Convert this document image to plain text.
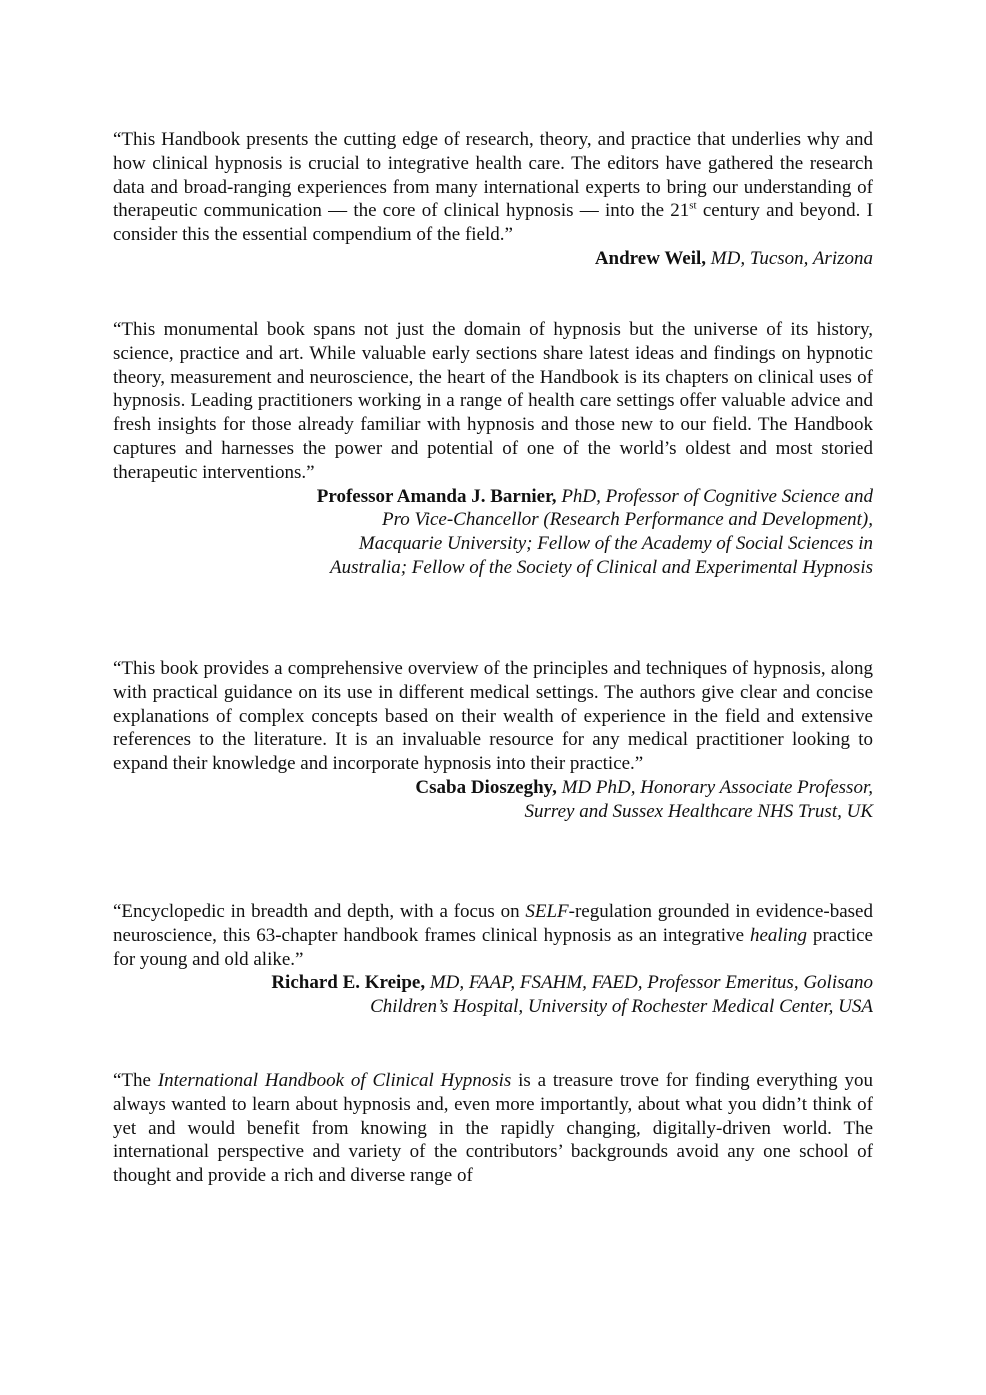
“This Handbook presents the cutting edge of research, theory, and practice that underlies why and how clinical hypnosis is crucial to integrative health care. The editors have gathered the research data and broad-ranging experiences from many international experts to bring our understanding of therapeutic communication — the core of clinical hypnosis — into the 21st century and beyond. I consider this the essential compendium of the field.”

Andrew Weil, MD, Tucson, Arizona

“This monumental book spans not just the domain of hypnosis but the universe of its history, science, practice and art. While valuable early sections share latest ideas and findings on hypnotic theory, measurement and neuroscience, the heart of the Handbook is its chapters on clinical uses of hypnosis. Leading practitioners working in a range of health care settings offer valuable advice and fresh insights for those already familiar with hypnosis and those new to our field. The Handbook captures and harnesses the power and potential of one of the world’s oldest and most storied therapeutic interventions.”

Professor Amanda J. Barnier, PhD, Professor of Cognitive Science and
Pro Vice-Chancellor (Research Performance and Development),
Macquarie University; Fellow of the Academy of Social Sciences in
Australia; Fellow of the Society of Clinical and Experimental Hypnosis

“This book provides a comprehensive overview of the principles and techniques of hypnosis, along with practical guidance on its use in different medical settings. The authors give clear and concise explanations of complex concepts based on their wealth of experience in the field and extensive references to the literature. It is an invaluable resource for any medical practitioner looking to expand their knowledge and incorporate hypnosis into their practice.”

Csaba Dioszeghy, MD PhD, Honorary Associate Professor,
Surrey and Sussex Healthcare NHS Trust, UK

“Encyclopedic in breadth and depth, with a focus on SELF-regulation grounded in evidence-based neuroscience, this 63-chapter handbook frames clinical hypnosis as an integrative healing practice for young and old alike.”

Richard E. Kreipe, MD, FAAP, FSAHM, FAED, Professor Emeritus, Golisano
Children’s Hospital, University of Rochester Medical Center, USA

“The International Handbook of Clinical Hypnosis is a treasure trove for finding everything you always wanted to learn about hypnosis and, even more importantly, about what you didn’t think of yet and would benefit from knowing in the rapidly changing, digitally-driven world. The international perspective and variety of the contributors’ backgrounds avoid any one school of thought and provide a rich and diverse range of
